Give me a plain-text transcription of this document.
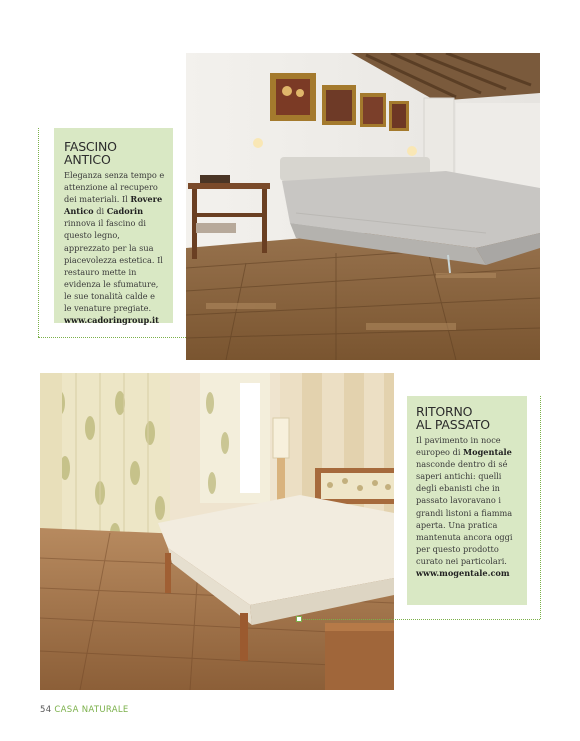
FASCINO ANTICO

Eleganza senza tempo e attenzione al recupero dei materiali. Il Rovere Antico di Cadorin rinnova il fascino di questo legno, apprezzato per la sua piacevolezza estetica. Il restauro mette in evidenza le sfumature, le sue tonalità calde e le venature pregiate.

www.cadoringroup.it
RITORNO
AL PASSATO

Il pavimento in noce europeo di Mogentale nasconde dentro di sé saperi antichi: quelli degli ebanisti che in passato lavoravano i grandi listoni a fiamma aperta. Una pratica mantenuta ancora oggi per questo prodotto curato nei particolari.

www.mogentale.com
54 CASA NATURALE
